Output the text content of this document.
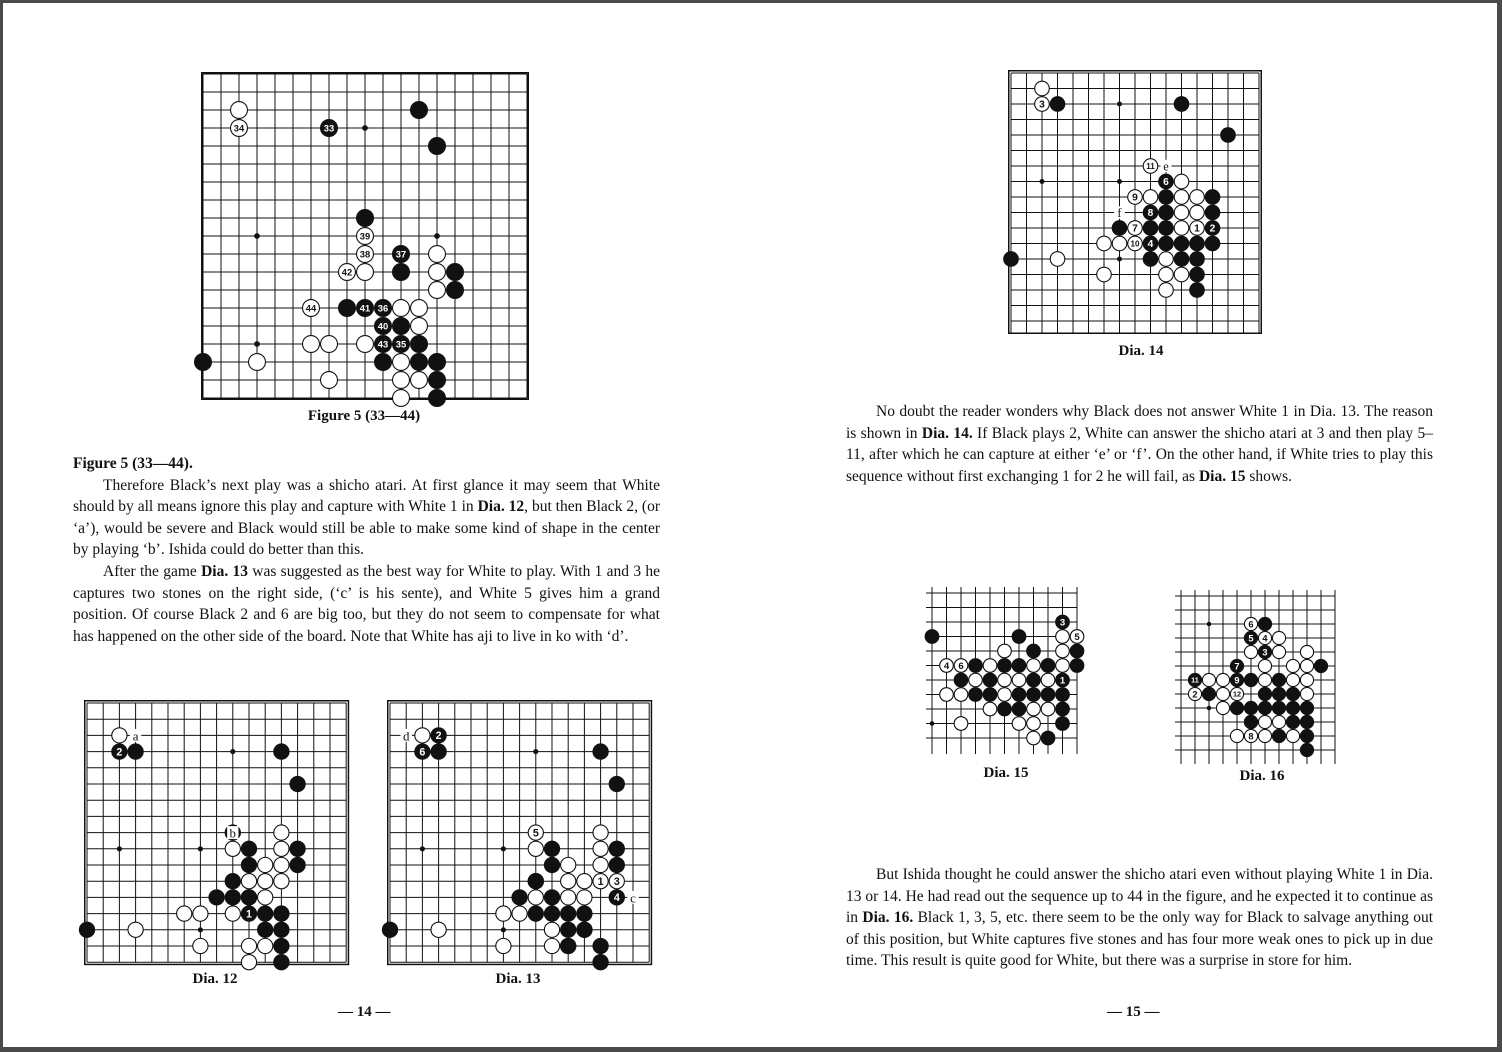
34
39
38
42
44
33
37
41 36
40
43 35
Figure 5 (33—44)

Figure 5 (33—44).

Therefore Black’s next play was a shicho atari. At first glance it may seem that White should by all means ignore this play and capture with White 1 in Dia. 12, but then Black 2, (or ‘a’), would be severe and Black would still be able to make some kind of shape in the center by playing ‘b’. Ishida could do better than this.

After the game Dia. 13 was suggested as the best way for White to play. With 1 and 3 he captures two stones on the right side, (‘c’ is his sente), and White 5 gives him a grand position. Of course Black 2 and 6 are big too, but they do not seem to compensate for what has happened on the other side of the board. Note that White has aji to live in ko with ‘d’.

2
1
a
b
Dia. 12
5
1 3
2
6
4
d
c
Dia. 13
— 14 —
3
11
9
1
7
10
6
2
8
4
e
f
Dia. 14

No doubt the reader wonders why Black does not answer White 1 in Dia. 13. The reason is shown in Dia. 14. If Black plays 2, White can answer the shicho atari at 3 and then play 5–11, after which he can capture at either ‘e’ or ‘f’. On the other hand, if White tries to play this sequence without first exchanging 1 for 2 he will fail, as Dia. 15 shows.

5
4 6
3
1
Dia. 15
6
4
2	12
8
5
3
7
11	9
Dia. 16

But Ishida thought he could answer the shicho atari even without playing White 1 in Dia. 13 or 14. He had read out the sequence up to 44 in the figure, and he expected it to continue as in Dia. 16. Black 1, 3, 5, etc. there seem to be the only way for Black to salvage anything out of this position, but White captures five stones and has four more weak ones to pick up in due time. This result is quite good for White, but there was a surprise in store for him.

— 15 —
